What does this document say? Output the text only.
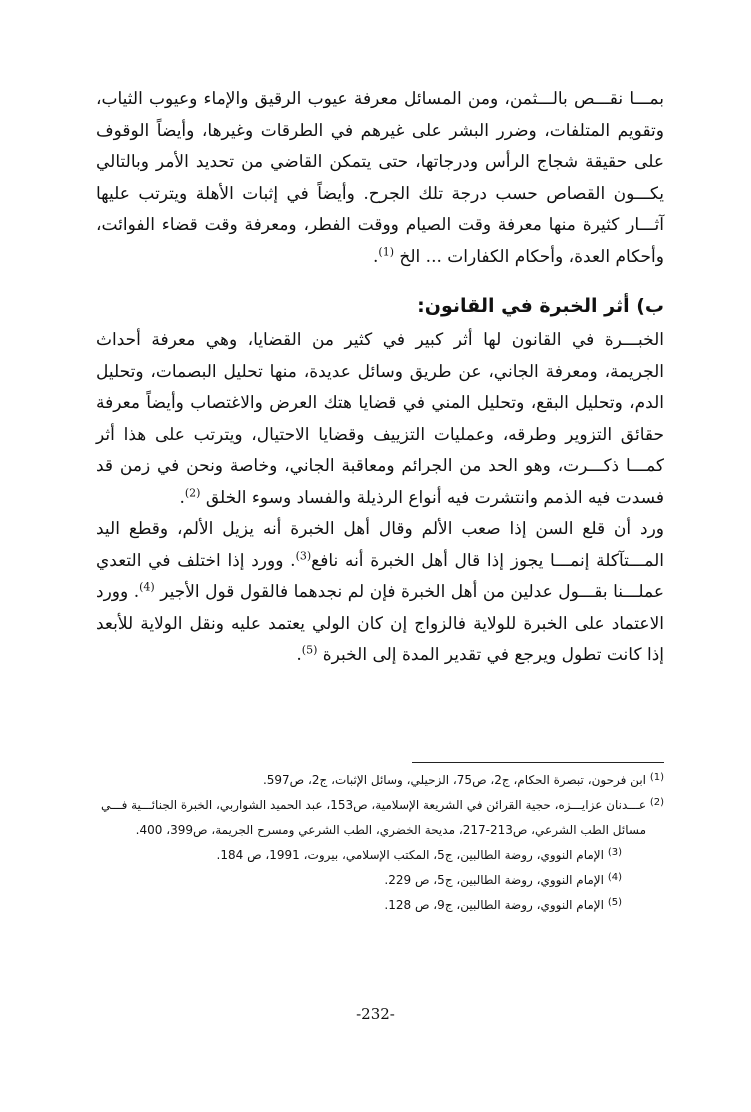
بمـــا نقـــص بالـــثمن، ومن المسائل معرفة عيوب الرقيق والإماء وعيوب الثياب، وتقويم المتلفات، وضرر البشر على غيرهم في الطرقات وغيرها، وأيضاً الوقوف على حقيقة شجاج الرأس ودرجاتها، حتى يتمكن القاضي من تحديد الأمر وبالتالي يكـــون القصاص حسب درجة تلك الجرح. وأيضاً في إثبات الأهلة ويترتب عليها آثـــار كثيرة منها معرفة وقت الصيام ووقت الفطر، ومعرفة وقت قضاء الفوائت، وأحكام العدة، وأحكام الكفارات ... الخ $^{(1)}$.

ب) أثر الخبرة في القانون:

الخبـــرة في القانون لها أثر كبير في كثير من القضايا، وهي معرفة أحداث الجريمة، ومعرفة الجاني، عن طريق وسائل عديدة، منها تحليل البصمات، وتحليل الدم، وتحليل البقع، وتحليل المني في قضايا هتك العرض والاغتصاب وأيضاً معرفة حقائق التزوير وطرقه، وعمليات التزييف وقضايا الاحتيال، ويترتب على هذا أثر كمـــا ذكـــرت، وهو الحد من الجرائم ومعاقبة الجاني، وخاصة ونحن في زمن قد فسدت فيه الذمم وانتشرت فيه أنواع الرذيلة والفساد وسوء الخلق $^{(2)}$.

ورد أن قلع السن إذا صعب الألم وقال أهل الخبرة أنه يزيل الألم، وقطع اليد المـــتآكلة إنمـــا يجوز إذا قال أهل الخبرة أنه نافع$^{(3)}$. وورد إذا اختلف في التعدي عملـــنا بقـــول عدلين من أهل الخبرة فإن لم نجدهما فالقول قول الأجير $^{(4)}$. وورد الاعتماد على الخبرة للولاية فالزواج إن كان الولي يعتمد عليه ونقل الولاية للأبعد إذا كانت تطول ويرجع في تقدير المدة إلى الخبرة $^{(5)}$.

(1)
ابن فرحون، تبصرة الحكام، ج2، ص75، الزحيلي، وسائل الإثبات، ج2، ص597.

(2)
عـــدنان عزايـــزه، حجية القرائن في الشريعة الإسلامية، ص153، عبد الحميد الشواربي، الخبرة الجنائـــية فـــي مسائل الطب الشرعي، ص213-217، مديحة الخضري، الطب الشرعي ومسرح الجريمة، ص399، 400.

(3)
الإمام النووي، روضة الطالبين، ج5، المكتب الإسلامي، بيروت، 1991، ص 184.

(4)
الإمام النووي، روضة الطالبين، ج5، ص 229.

(5)
الإمام النووي، روضة الطالبين، ج9، ص 128.

-232-
